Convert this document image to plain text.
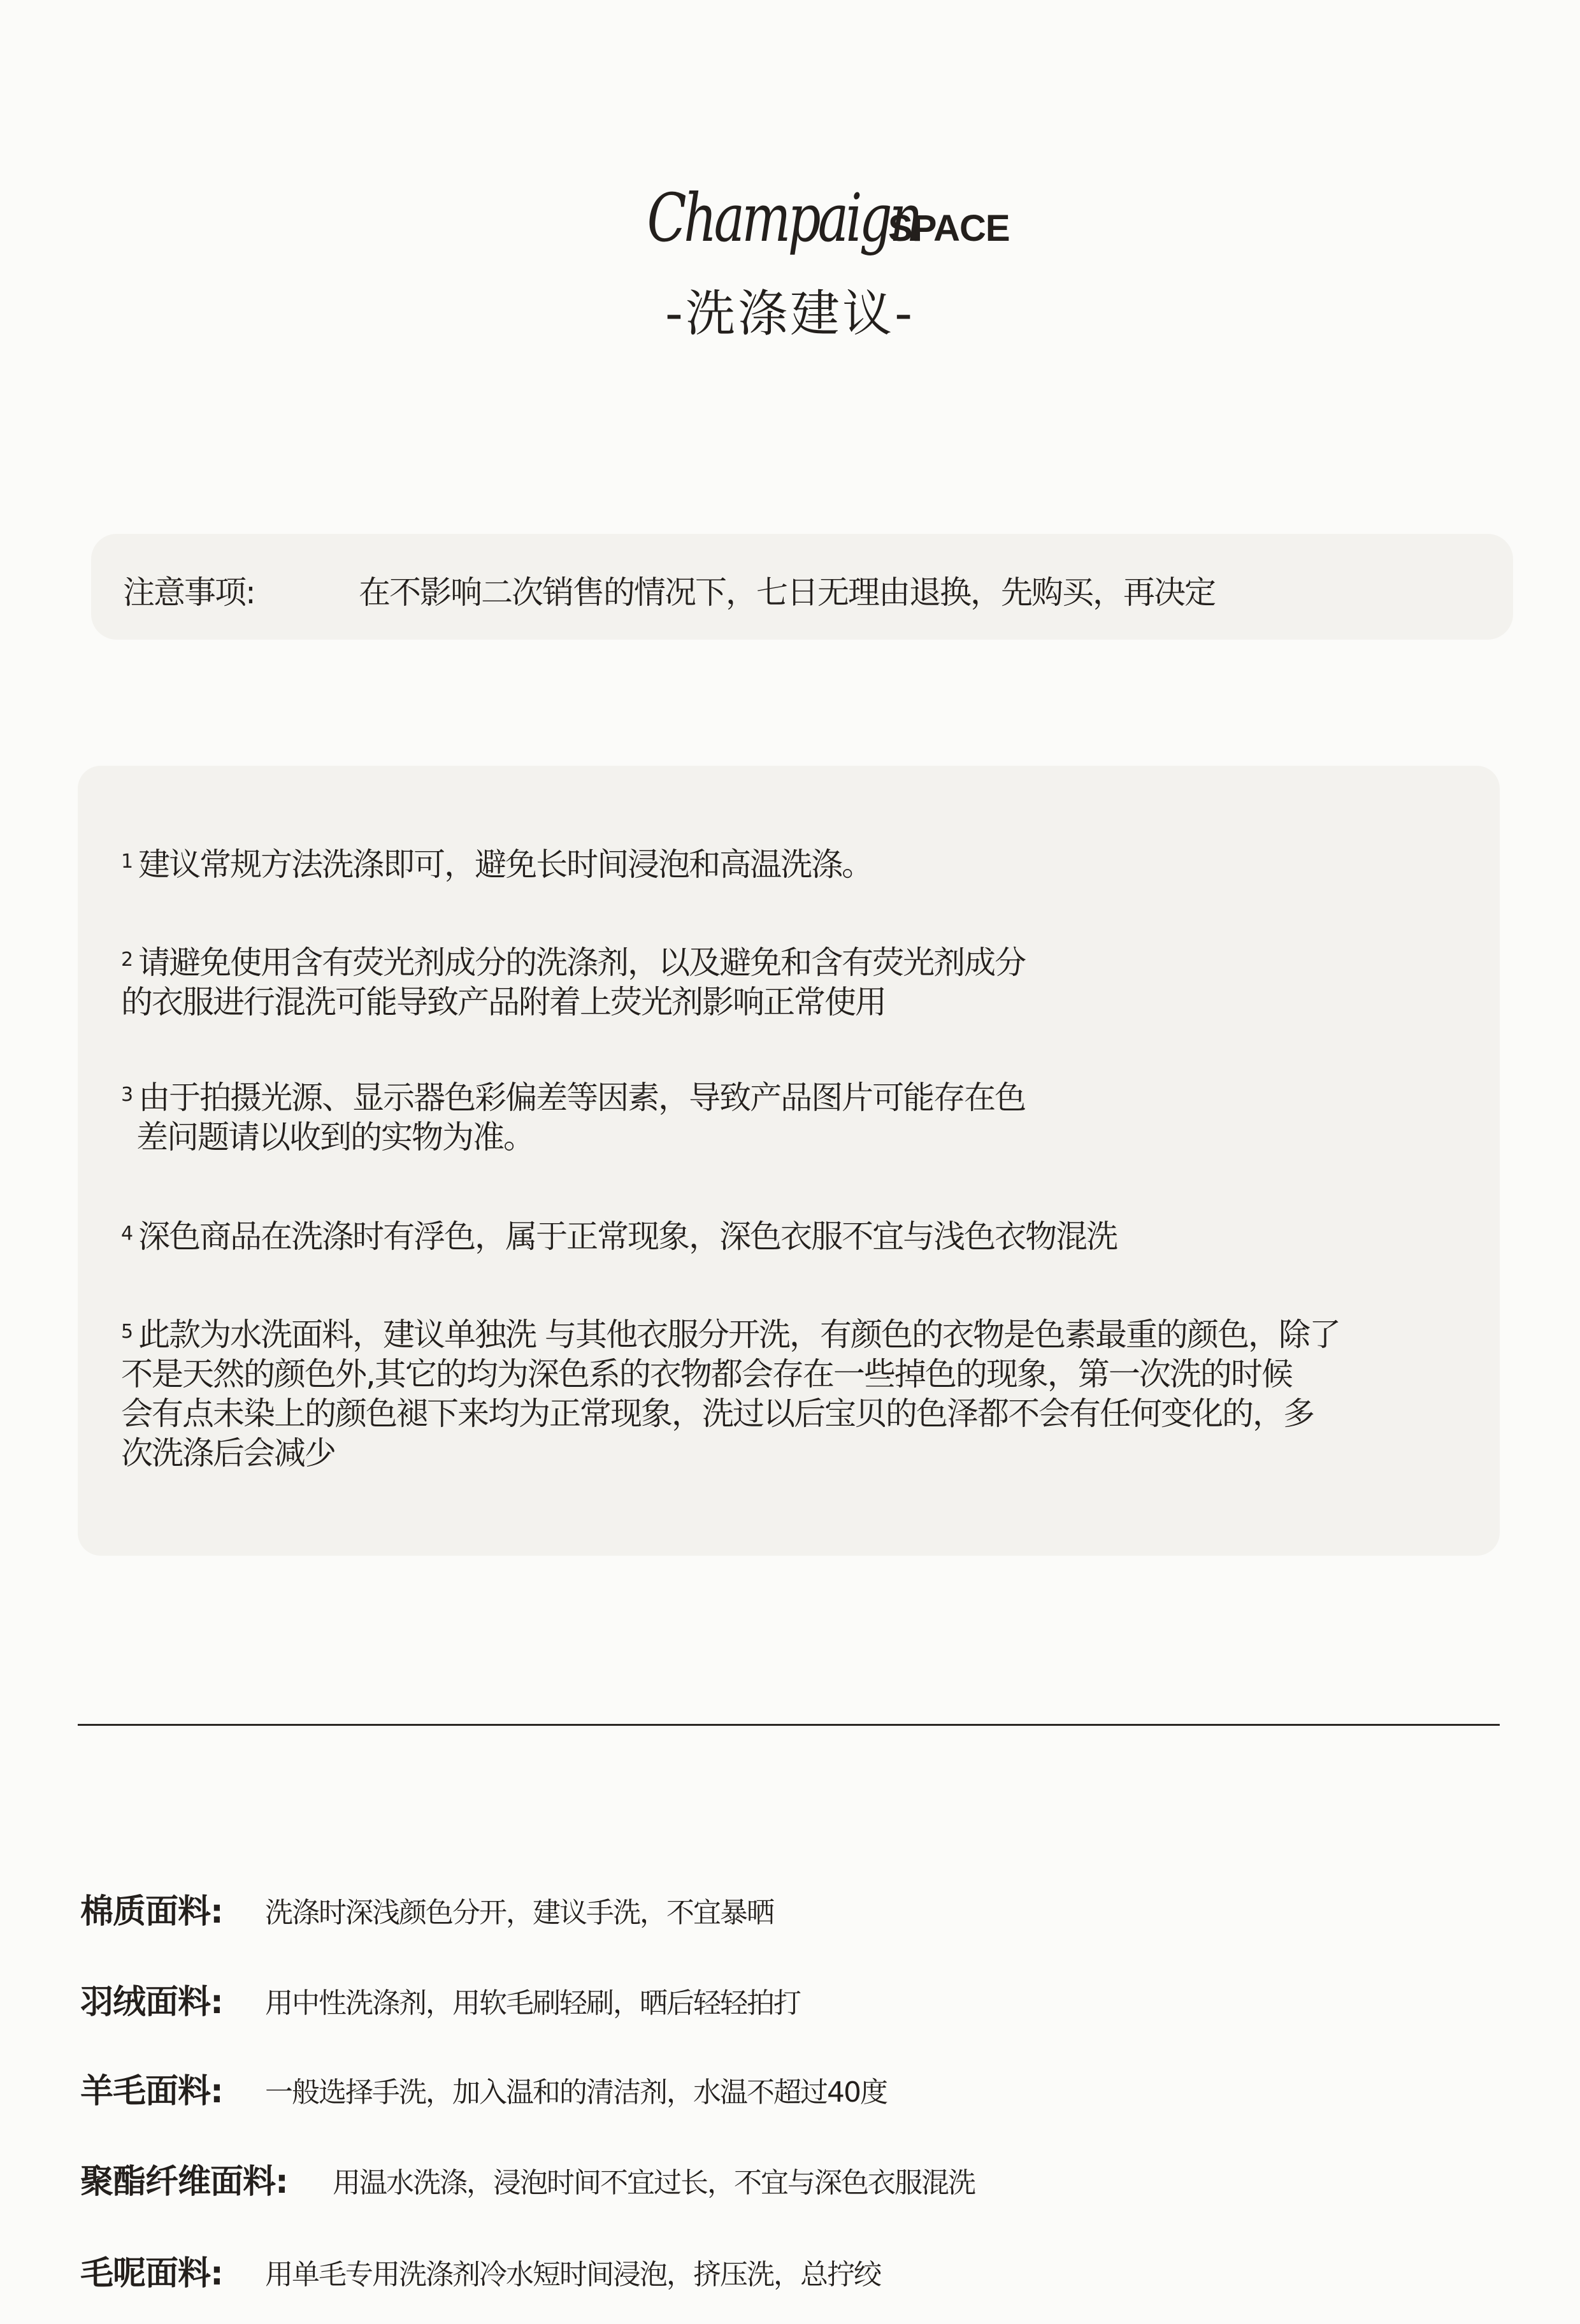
ChampaignSPACE
-洗涤建议-
注意事项:	在不影响二次销售的情况下，七日无理由退换，先购买，再决定
$^1$ 建议常规方法洗涤即可，避免长时间浸泡和高温洗涤。
$^2$ 请避免使用含有荧光剂成分的洗涤剂，以及避免和含有荧光剂成分
的衣服进行混洗可能导致产品附着上荧光剂影响正常使用
$^3$ 由于拍摄光源、显示器色彩偏差等因素，导致产品图片可能存在色
差问题请以收到的实物为准。
$^4$ 深色商品在洗涤时有浮色，属于正常现象，深色衣服不宜与浅色衣物混洗
$^5$ 此款为水洗面料，建议单独洗 与其他衣服分开洗，有颜色的衣物是色素最重的颜色，除了
不是天然的颜色外,其它的均为深色系的衣物都会存在一些掉色的现象，第一次洗的时候
会有点未染上的颜色褪下来均为正常现象，洗过以后宝贝的色泽都不会有任何变化的，多
次洗涤后会减少
棉质面料: 洗涤时深浅颜色分开，建议手洗，不宜暴晒
羽绒面料: 用中性洗涤剂，用软毛刷轻刷，晒后轻轻拍打
羊毛面料: 一般选择手洗，加入温和的清洁剂，水温不超过40度
聚酯纤维面料: 用温水洗涤，浸泡时间不宜过长，不宜与深色衣服混洗
毛呢面料: 用单毛专用洗涤剂冷水短时间浸泡，挤压洗，总拧绞
